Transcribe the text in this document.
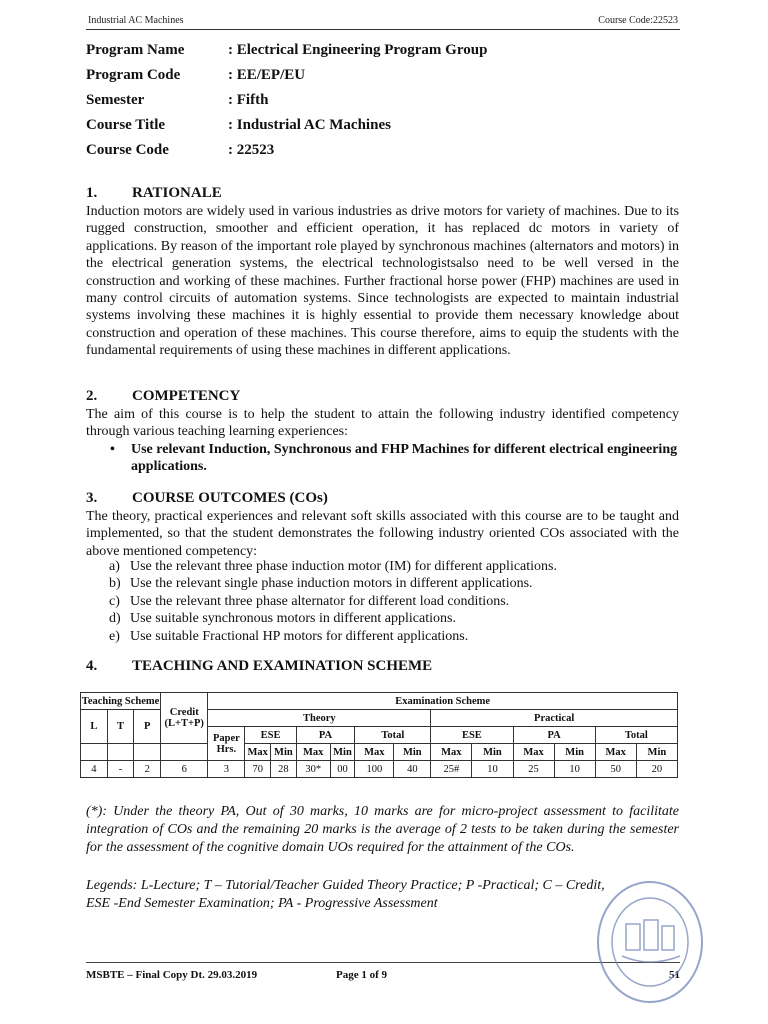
Industrial AC Machines	Course Code:22523
Program Name	: Electrical Engineering Program Group
Program Code	: EE/EP/EU
Semester	: Fifth
Course Title	: Industrial AC Machines
Course Code	: 22523
1. RATIONALE
Induction motors are widely used in various industries as drive motors for variety of machines. Due to its rugged construction, smoother and efficient operation, it has replaced dc motors in variety of applications. By reason of the important role played by synchronous machines (alternators and motors) in the electrical generation systems, the electrical technologistsalso need to be well versed in the construction and working of these machines. Further fractional horse power (FHP) machines are used in many control circuits of automation systems. Since technologists are expected to maintain industrial systems involving these machines it is highly essential to provide them necessary knowledge about construction and operation of these machines. This course therefore, aims to equip the students with the fundamental requirements of using these machines in different applications.
2. COMPETENCY
The aim of this course is to help the student to attain the following industry identified competency through various teaching learning experiences:
•	Use relevant Induction, Synchronous and FHP Machines for different electrical engineering applications.
3. COURSE OUTCOMES (COs)
The theory, practical experiences and relevant soft skills associated with this course are to be taught and implemented, so that the student demonstrates the following industry oriented COs associated with the above mentioned competency:
a) Use the relevant three phase induction motor (IM) for different applications.
b) Use the relevant single phase induction motors in different applications.
c) Use the relevant three phase alternator for different load conditions.
d) Use suitable synchronous motors in different applications.
e) Use suitable Fractional HP motors for different applications.
4. TEACHING AND EXAMINATION SCHEME
Teaching Scheme			Credit (L+T+P)	Examination Scheme												

L	T	P		Theory							Practical					
				Paper Hrs.	ESE		PA		Total		ESE		PA		Total	
					Max	Min	Max	Min	Max	Min	Max	Min	Max	Min	Max	Min
4	-	2	6	3	70	28	30*	00	100	40	25#	10	25	10	50	20
(*): Under the theory PA, Out of 30 marks, 10 marks are for micro-project assessment to facilitate integration of COs and the remaining 20 marks is the average of 2 tests to be taken during the semester for the assessment of the cognitive domain UOs required for the attainment of the COs.
Legends: L-Lecture; T – Tutorial/Teacher Guided Theory Practice; P -Practical; C – Credit,
ESE -End Semester Examination; PA - Progressive Assessment
MSBTE – Final Copy Dt. 29.03.2019	Page 1 of 9	51
